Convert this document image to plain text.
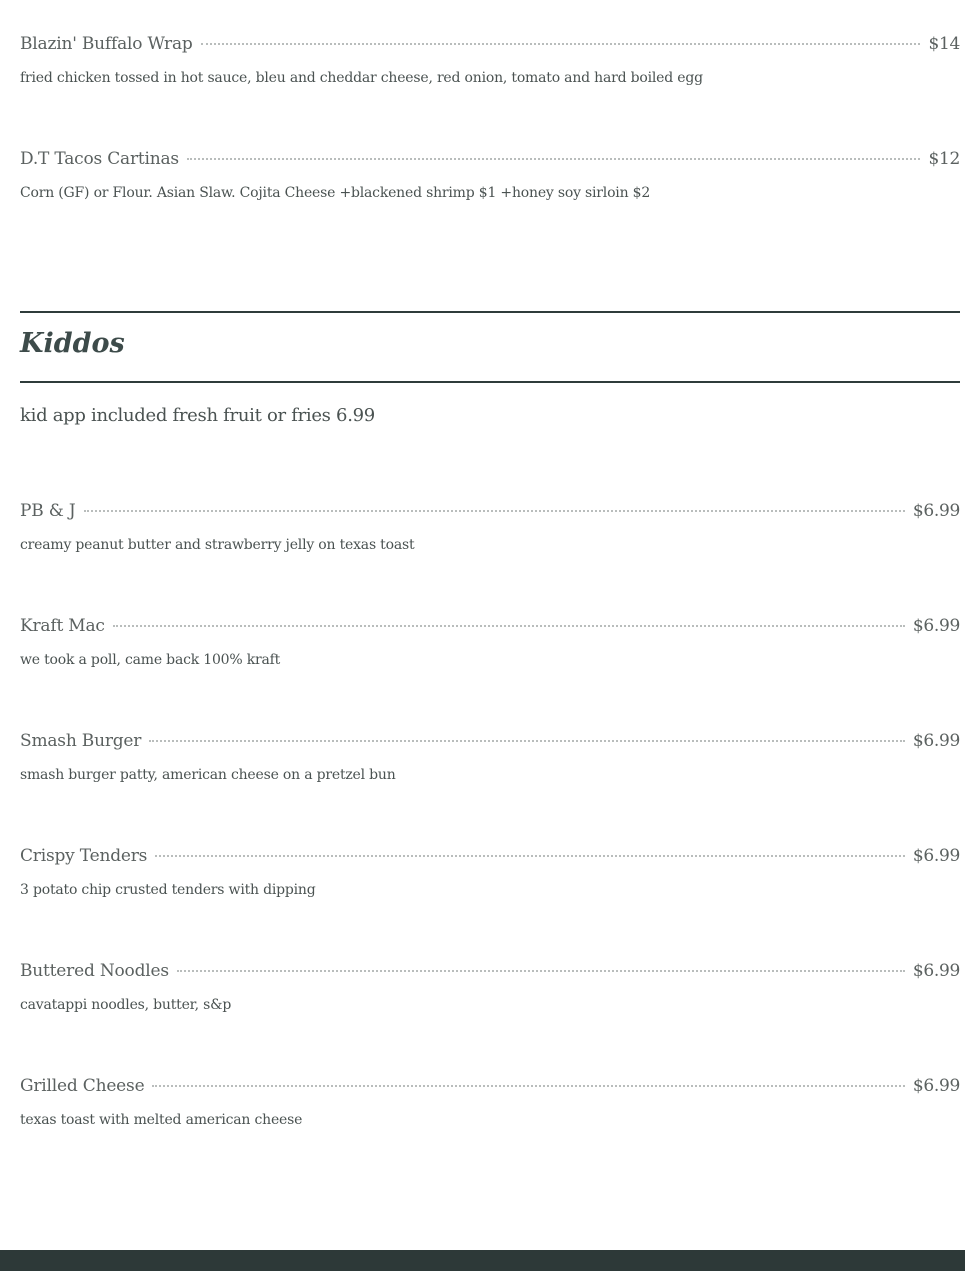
Blazin' Buffalo Wrap	$14
fried chicken tossed in hot sauce, bleu and cheddar cheese, red onion, tomato and hard boiled egg
D.T Tacos Cartinas	$12
Corn (GF) or Flour. Asian Slaw. Cojita Cheese +blackened shrimp $1 +honey soy sirloin $2
Kiddos
kid app included fresh fruit or fries 6.99
PB & J	$6.99
creamy peanut butter and strawberry jelly on texas toast
Kraft Mac	$6.99
we took a poll, came back 100% kraft
Smash Burger	$6.99
smash burger patty, american cheese on a pretzel bun
Crispy Tenders	$6.99
3 potato chip crusted tenders with dipping
Buttered Noodles	$6.99
cavatappi noodles, butter, s&p
Grilled Cheese	$6.99
texas toast with melted american cheese
